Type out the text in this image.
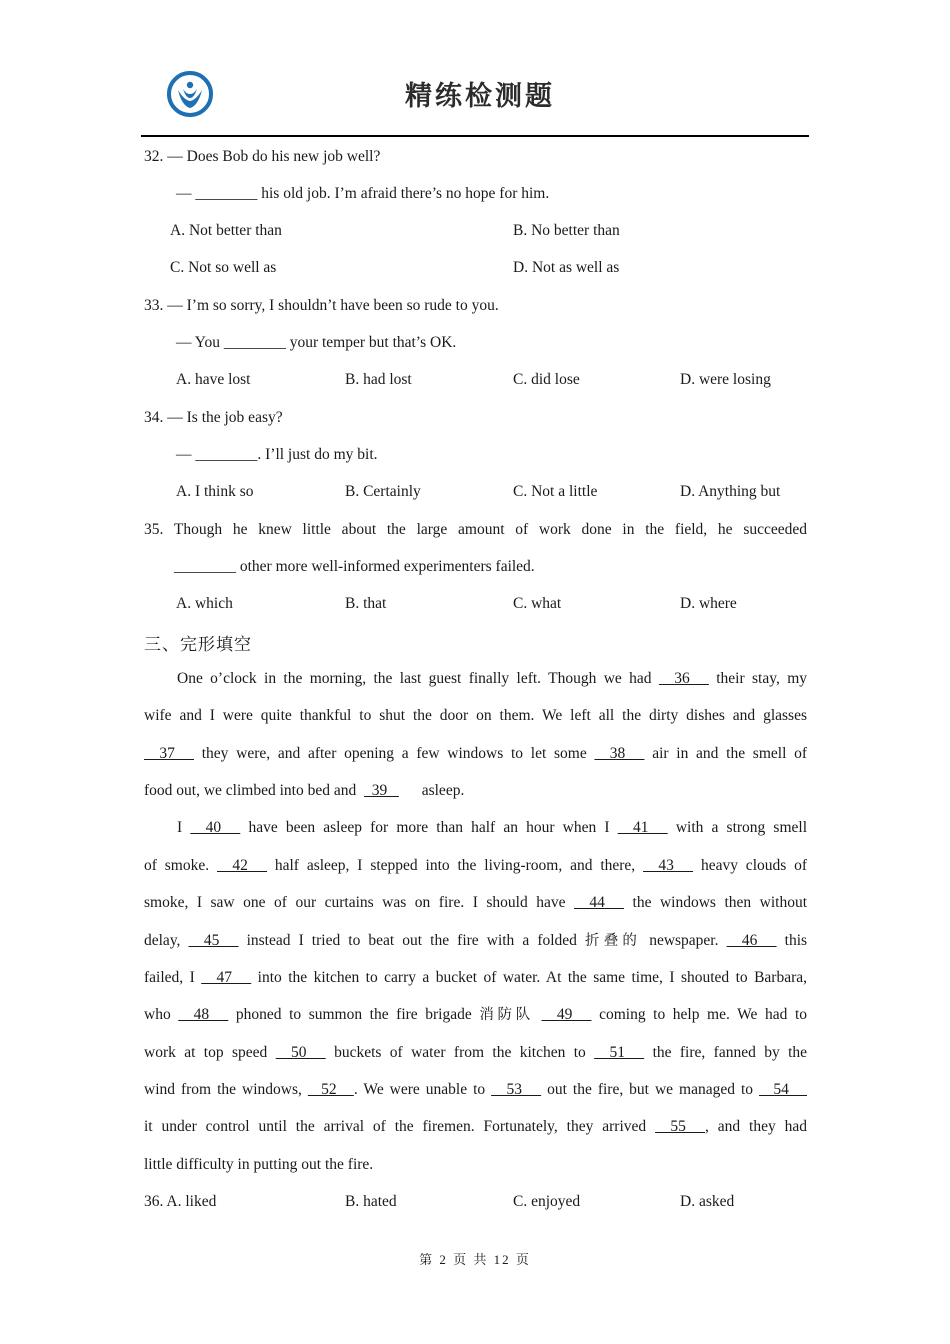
精练检测题
32. — Does Bob do his new job well?
— ________ his old job. I’m afraid there’s no hope for him.
A. Not better than	B. No better than
C. Not so well as	D. Not as well as
33. — I’m so sorry, I shouldn’t have been so rude to you.
— You ________ your temper but that’s OK.
A. have lost	B. had lost	C. did lose	D. were losing
34. — Is the job easy?
— ________. I’ll just do my bit.
A. I think so	B. Certainly	C. Not a little	D. Anything but
35. Though he knew little about the large amount of work done in the field, he succeeded
________ other more well-informed experimenters failed.
A. which	B. that	C. what	D. where
三、完形填空
One o’clock in the morning, the last guest finally left. Though we had   36    their stay, my
wife and I were quite thankful to shut the door on them. We left all the dirty dishes and glasses
37    they were, and after opening a few windows to let some   38    air in and the smell of
food out, we climbed into bed and    39     asleep.
I   40    have been asleep for more than half an hour when I   41    with a strong smell
of smoke.   42    half asleep, I stepped into the living-room, and there,   43    heavy clouds of
smoke, I saw one of our curtains was on fire. I should have   44    the windows then without
delay,   45    instead I tried to beat out the fire with a folded 折叠的 newspaper.   46    this
failed, I   47    into the kitchen to carry a bucket of water. At the same time, I shouted to Barbara,
who   48    phoned to summon the fire brigade 消防队   49    coming to help me. We had to
work at top speed   50    buckets of water from the kitchen to   51    the fire, fanned by the
wind from the windows,   52   . We were unable to   53    out the fire, but we managed to   54
it under control until the arrival of the firemen. Fortunately, they arrived   55   , and they had
little difficulty in putting out the fire.
36. A. liked	B. hated	C. enjoyed	D. asked
第 2 页 共 12 页
